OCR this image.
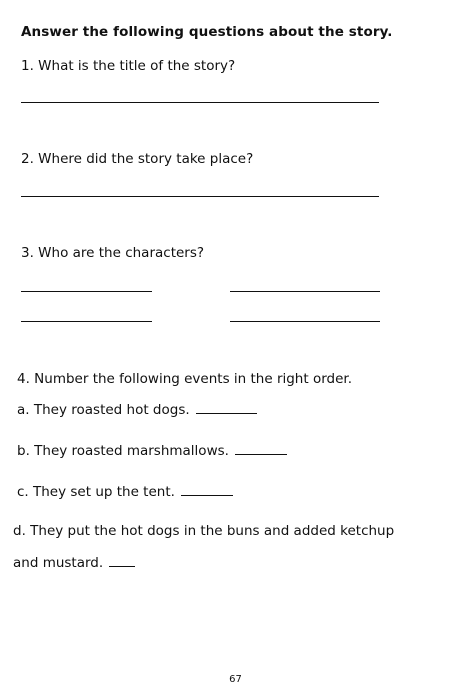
Answer the following questions about the story.
1. What is the title of the story?
2. Where did the story take place?
3. Who are the characters?
4. Number the following events in the right order.
a. They roasted hot dogs.
b. They roasted marshmallows.
c. They set up the tent.
d. They put the hot dogs in the buns and added ketchup
and mustard.
67
